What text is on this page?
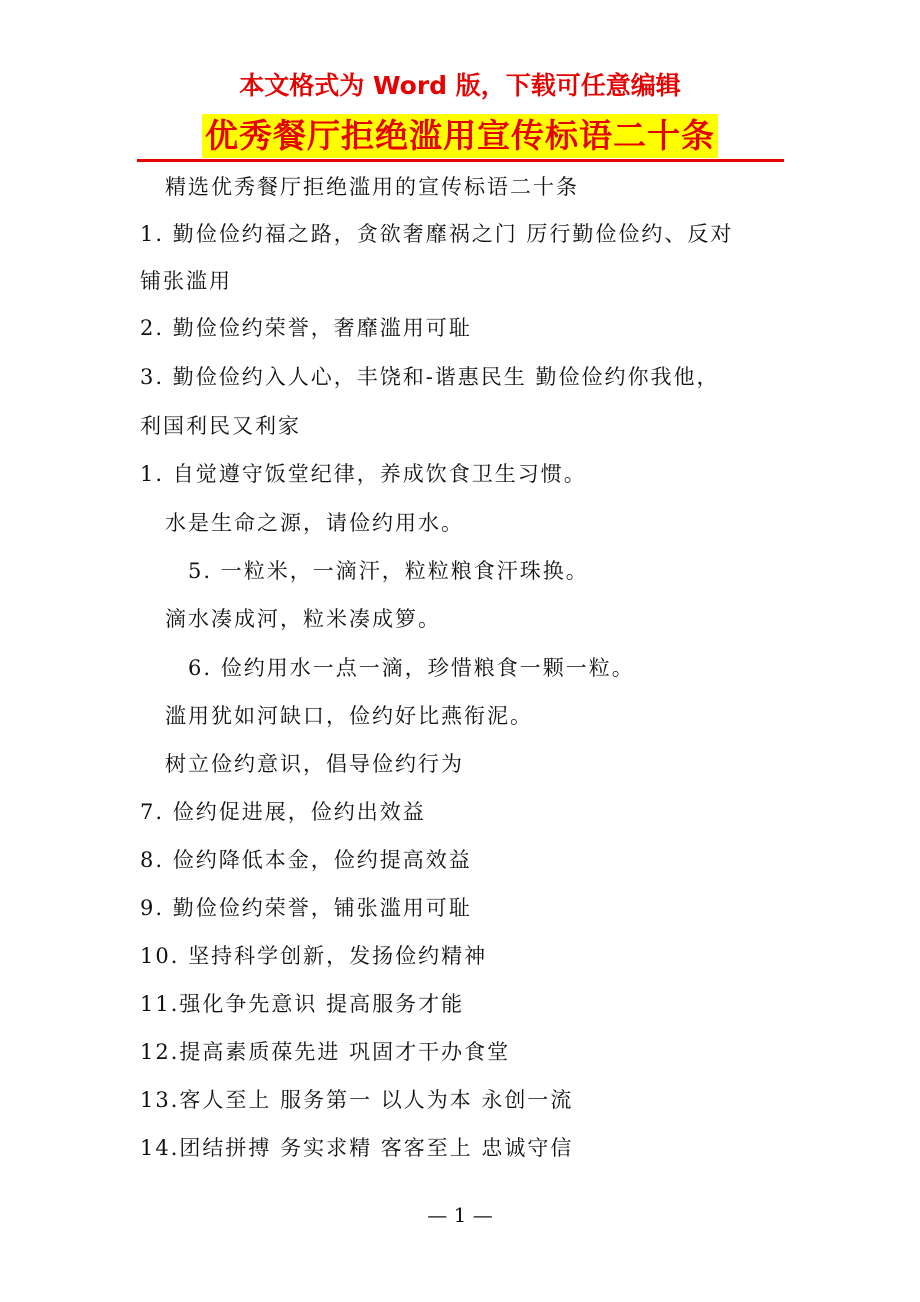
本文格式为 Word 版，下载可任意编辑

优秀餐厅拒绝滥用宣传标语二十条
精选优秀餐厅拒绝滥用的宣传标语二十条
1. 勤俭俭约福之路，贪欲奢靡祸之门 厉行勤俭俭约、反对
铺张滥用
2. 勤俭俭约荣誉，奢靡滥用可耻
3. 勤俭俭约入人心，丰饶和-谐惠民生 勤俭俭约你我他，
利国利民又利家
1. 自觉遵守饭堂纪律，养成饮食卫生习惯。
水是生命之源，请俭约用水。
5. 一粒米，一滴汗，粒粒粮食汗珠换。
滴水凑成河，粒米凑成箩。
6. 俭约用水一点一滴，珍惜粮食一颗一粒。
滥用犹如河缺口，俭约好比燕衔泥。
树立俭约意识，倡导俭约行为
7. 俭约促进展，俭约出效益
8. 俭约降低本金，俭约提高效益
9. 勤俭俭约荣誉，铺张滥用可耻
10. 坚持科学创新，发扬俭约精神
11.强化争先意识 提高服务才能
12.提高素质葆先进 巩固才干办食堂
13.客人至上 服务第一 以人为本 永创一流
14.团结拼搏 务实求精 客客至上 忠诚守信
— 1 —
